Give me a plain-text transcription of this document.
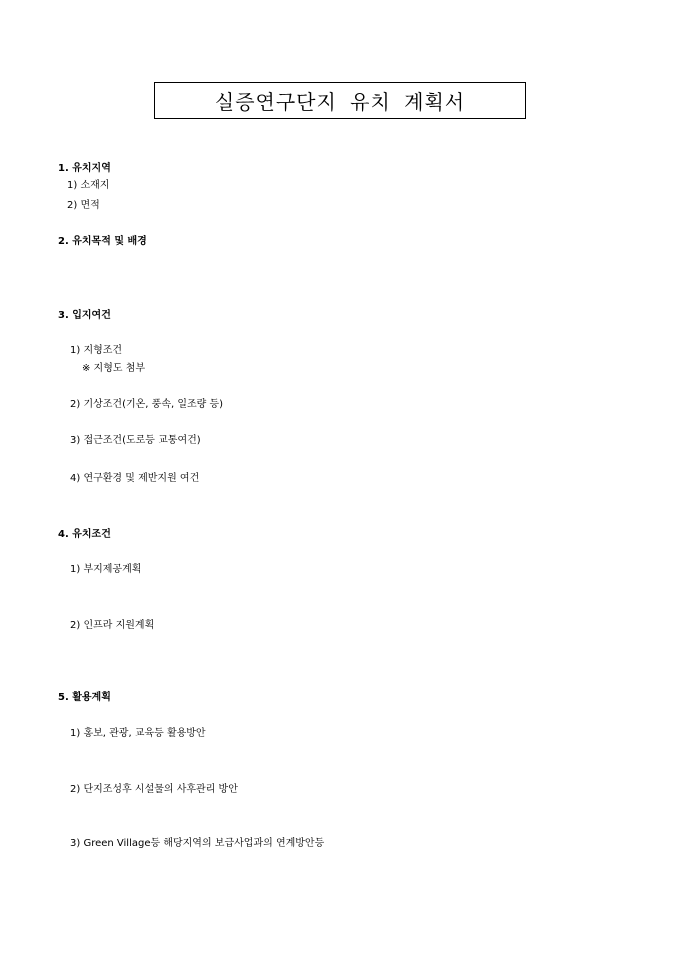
실증연구단지 유치 계획서
1. 유치지역
1) 소재지
2) 면적
2. 유치목적 및 배경
3. 입지여건
1) 지형조건
※ 지형도 첨부
2) 기상조건(기온, 풍속, 일조량 등)
3) 접근조건(도로등 교통여건)
4) 연구환경 및 제반지원 여건
4. 유치조건
1) 부지제공계획
2) 인프라 지원계획
5. 활용계획
1) 홍보, 관광, 교육등 활용방안
2) 단지조성후 시설물의 사후관리 방안
3) Green Village등 해당지역의 보급사업과의 연계방안등
